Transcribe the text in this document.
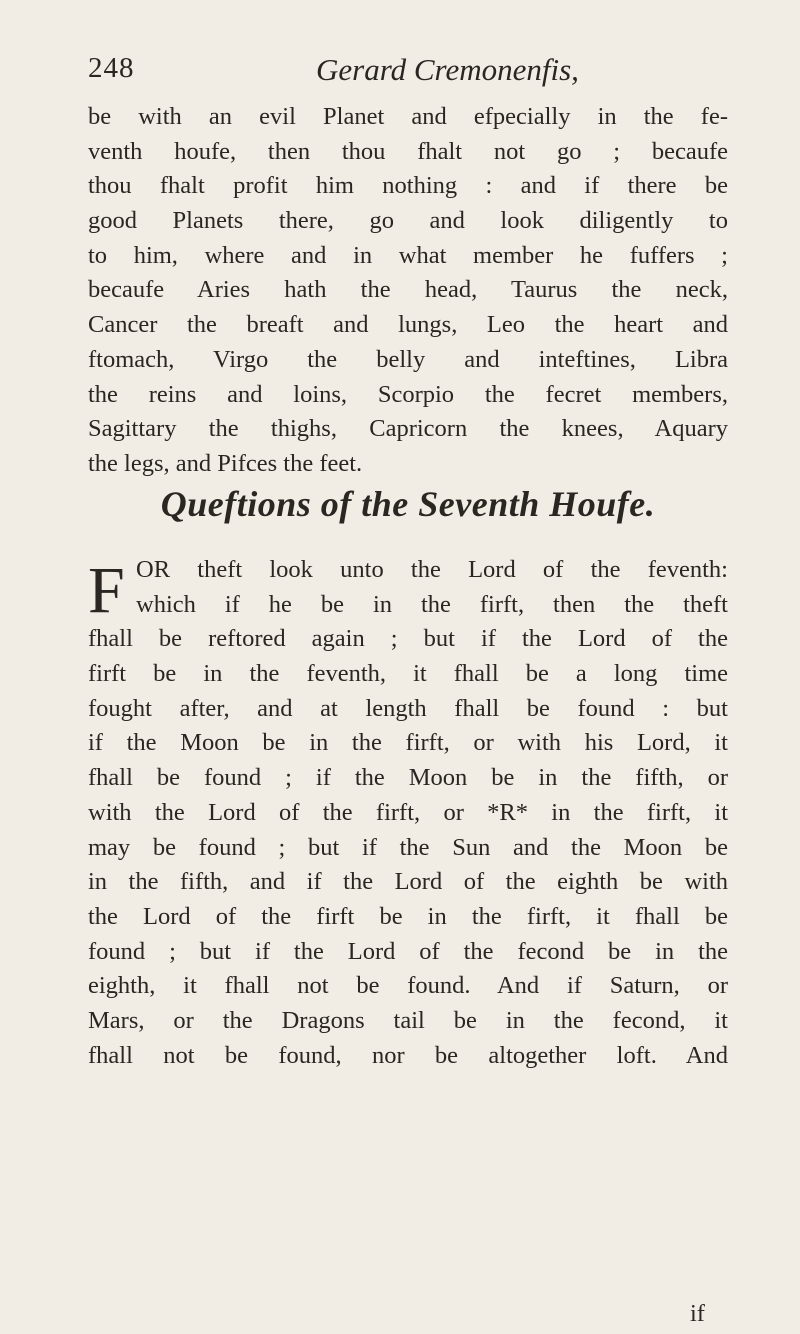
248	Gerard Cremonenfis,
be with an evil Planet and efpecially in the fe-
venth houfe, then thou fhalt not go ; becaufe
thou fhalt profit him nothing : and if there be
good Planets there, go and look diligently to
to him, where and in what member he fuffers ;
becaufe Aries hath the head, Taurus the neck,
Cancer the breaft and lungs, Leo the heart and
ftomach, Virgo the belly and inteftines, Libra
the reins and loins, Scorpio the fecret members,
Sagittary the thighs, Capricorn the knees, Aquary
the legs, and Pifces the feet.
Queftions of the Seventh Houfe.
F OR theft look unto the Lord of the feventh:
which if he be in the firft, then the theft
fhall be reftored again ; but if the Lord of the
firft be in the feventh, it fhall be a long time
fought after, and at length fhall be found : but
if the Moon be in the firft, or with his Lord, it
fhall be found ; if the Moon be in the fifth, or
with the Lord of the firft, or *R* in the firft, it
may be found ; but if the Sun and the Moon be
in the fifth, and if the Lord of the eighth be with
the Lord of the firft be in the firft, it fhall be
found ; but if the Lord of the fecond be in the
eighth, it fhall not be found. And if Saturn, or
Mars, or the Dragons tail be in the fecond, it
fhall not be found, nor be altogether loft. And
if
